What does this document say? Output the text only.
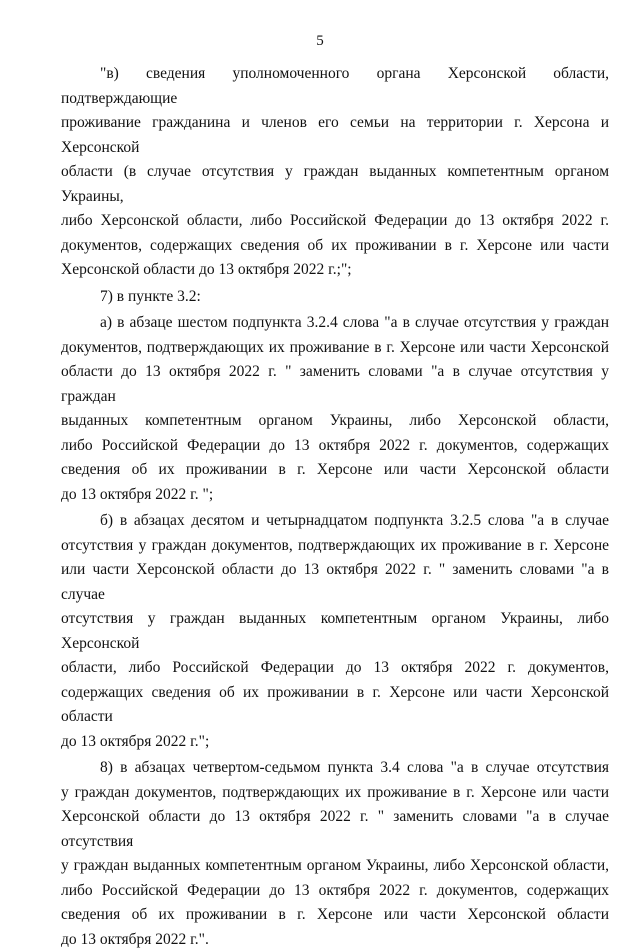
5
"в) сведения уполномоченного органа Херсонской области, подтверждающие
проживание гражданина и членов его семьи на территории г. Херсона и Херсонской
области (в случае отсутствия у граждан выданных компетентным органом Украины,
либо Херсонской области, либо Российской Федерации до 13 октября 2022 г.
документов, содержащих сведения об их проживании в г. Херсоне или части
Херсонской области до 13 октября 2022 г.;";
7) в пункте 3.2:
а) в абзаце шестом подпункта 3.2.4 слова "а в случае отсутствия у граждан
документов, подтверждающих их проживание в г. Херсоне или части Херсонской
области до 13 октября 2022 г. " заменить словами "а в случае отсутствия у граждан
выданных компетентным органом Украины, либо Херсонской области,
либо Российской Федерации до 13 октября 2022 г. документов, содержащих
сведения об их проживании в г. Херсоне или части Херсонской области
до 13 октября 2022 г. ";
б) в абзацах десятом и четырнадцатом подпункта 3.2.5 слова "а в случае
отсутствия у граждан документов, подтверждающих их проживание в г. Херсоне
или части Херсонской области до 13 октября 2022 г. " заменить словами "а в случае
отсутствия у граждан выданных компетентным органом Украины, либо Херсонской
области, либо Российской Федерации до 13 октября 2022 г. документов,
содержащих сведения об их проживании в г. Херсоне или части Херсонской области
до 13 октября 2022 г.";
8) в абзацах четвертом-седьмом пункта 3.4 слова "а в случае отсутствия
у граждан документов, подтверждающих их проживание в г. Херсоне или части
Херсонской области до 13 октября 2022 г. " заменить словами "а в случае отсутствия
у граждан выданных компетентным органом Украины, либо Херсонской области,
либо Российской Федерации до 13 октября 2022 г. документов, содержащих
сведения об их проживании в г. Херсоне или части Херсонской области
до 13 октября 2022 г.".
